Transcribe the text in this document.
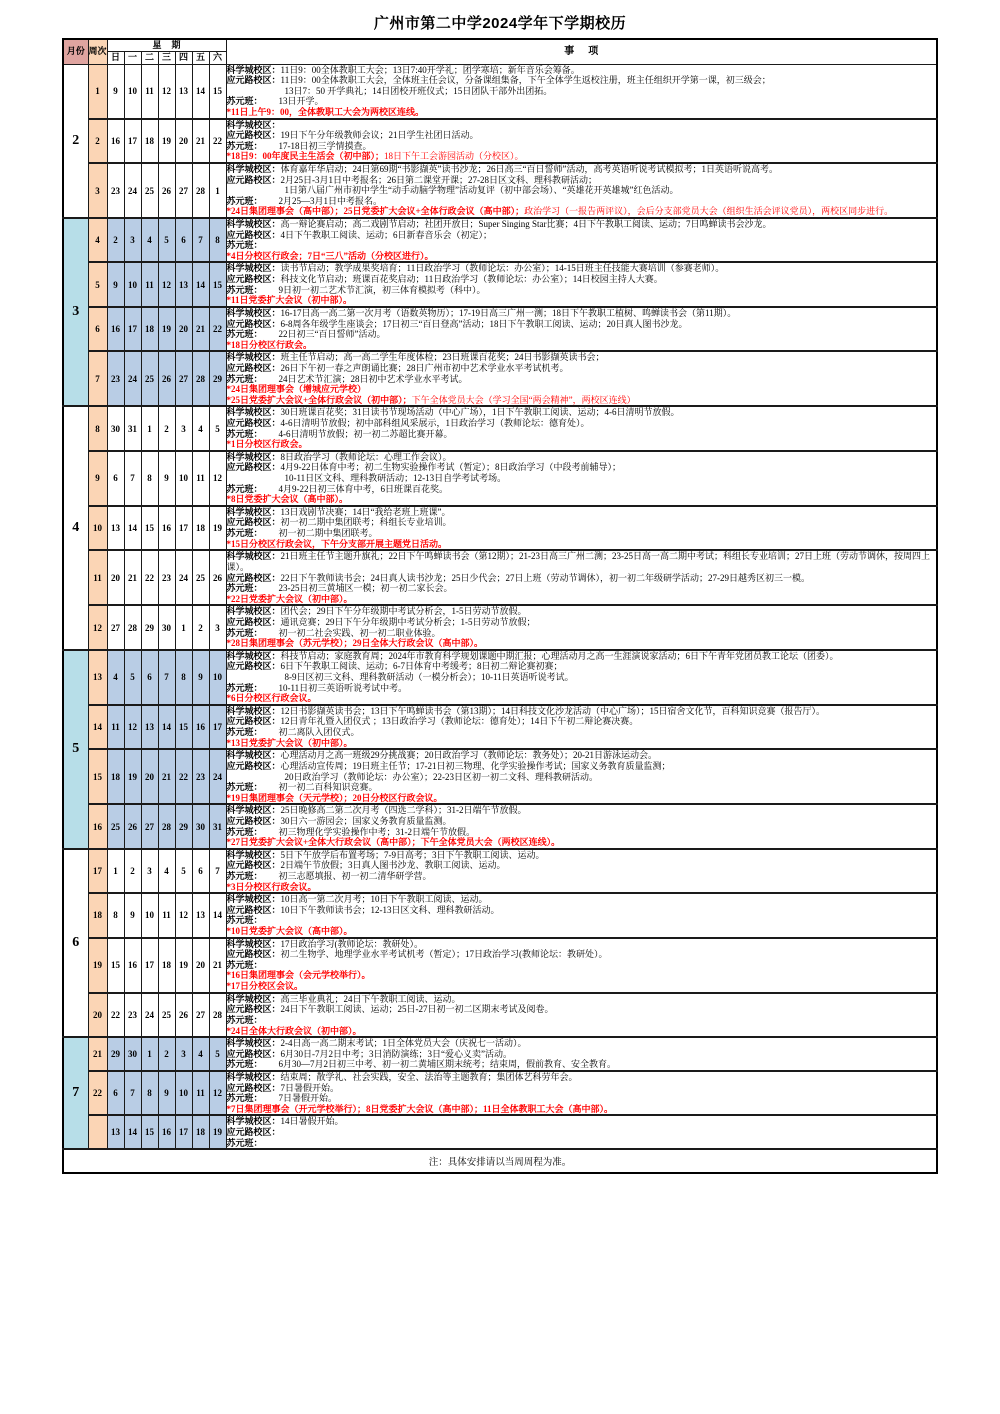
广州市第二中学2024学年下学期校历
月份	周次	星期							事项
		日	一	二	三	四	五	六	
2	1	9	10	11	12	13	14	15	科学城校区：11日9：00全体教职工大会；13日7:40开学礼；团学寒培；新年音乐会筹备。
应元路校区：11日9：00全体教职工大会，全体班主任会议，分备课组集备，下午全体学生返校注册，班主任组织开学第一课，初三级会；
13日7：50 开学典礼；14日团校开班仪式；15日团队干部外出团拓。
苏元班： 13日开学。
*11日上午9：00，全体教职工大会为两校区连线。

	2	16	17	18	19	20	21	22	科学城校区：
应元路校区：19日下午分年级教师会议；21日学生社团日活动。
苏元班： 17-18日初三学情摸查。
*18日9：00年度民主生活会（初中部）；18日下午工会游园活动（分校区）。

	3	23	24	25	26	27	28	1	科学城校区：体育嘉年华启动；24日第69期“书影撷英”读书沙龙；26日高三“百日誓师”活动，高考英语听说考试模拟考；1日英语听说高考。
应元路校区：2月25日-3月1日中考报名；26日第二课堂开课；27-28日区文科、理科教研活动；
1日第八届广州市初中学生“动手动脑学物理”活动复评（初中部会场）、“英雄花开英雄城”红色活动。
苏元班： 2月25—3月1日中考报名。
*24日集团理事会（高中部）；25日党委扩大会议+全体行政会议（高中部）；政治学习（一报告两评议），会后分支部党员大会（组织生活会评议党员），两校区同步进行。

3	4	2	3	4	5	6	7	8	科学城校区：高一辩论赛启动；高二戏剧节启动；社团开放日；Super Singing Star比赛；4日下午教职工阅读、运动；7日鸣蝉读书会沙龙。
应元路校区：4日下午教职工阅读、运动；6日新春音乐会（初定）；
苏元班：
*4日分校区行政会；7日“三八”活动（分校区进行）。

	5	9	10	11	12	13	14	15	科学城校区：读书节启动；教学成果奖培育；11日政治学习（教师论坛：办公室）；14-15日班主任技能大赛培训（参赛老师）。
应元路校区：科技文化节启动；班课百花奖启动；11日政治学习（教师论坛：办公室）；14日校园主持人大赛。
苏元班： 9日初一初二艺术节汇演，初三体育模拟考（科中）。
*11日党委扩大会议（初中部）。

	6	16	17	18	19	20	21	22	科学城校区：16-17日高一高二第一次月考（语数英物历）；17-19日高三广州一测；18日下午教职工植树、鸣蝉读书会（第11期）。
应元路校区：6-8周各年级学生座谈会；17日初三“百日登高”活动；18日下午教职工阅读、运动；20日真人图书沙龙。
苏元班： 22日初三“百日誓师”活动。
*18日分校区行政会。

	7	23	24	25	26	27	28	29	科学城校区：班主任节启动；高一高二学生年度体检；23日班课百花奖；24日书影撷英读书会；
应元路校区：26日下午初一春之声朗诵比赛；28日广州市初中艺术学业水平考试机考。
苏元班： 24日艺术节汇演；28日初中艺术学业水平考试。
*24日集团理事会（增城应元学校）
*25日党委扩大会议+全体行政会议（初中部）；下午全体党员大会（学习全国“两会精神”，两校区连线）

4	8	30	31	1	2	3	4	5	科学城校区：30日班课百花奖；31日读书节现场活动（中心广场），1日下午教职工阅读、运动；4-6日清明节放假。
应元路校区：4-6日清明节放假；初中部科组风采展示，1日政治学习（教师论坛：德育处）。
苏元班： 4-6日清明节放假；初一初二苏超比赛开幕。
*1日分校区行政会。

	9	6	7	8	9	10	11	12	科学城校区：8日政治学习（教师论坛：心理工作会议）。
应元路校区：4月9-22日体育中考；初二生物实验操作考试（暂定）；8日政治学习（中段考前辅导）；
10-11日区文科、理科教研活动；12-13日自学考试考场。
苏元班： 4月9-22日初三体育中考，6日班课百花奖。
*8日党委扩大会议（高中部）。

	10	13	14	15	16	17	18	19	科学城校区：13日戏剧节决赛；14日“我给老班上班课”。
应元路校区：初一初二期中集团联考；科组长专业培训。
苏元班： 初一初二期中集团联考。
*15日分校区行政会议，下午分支部开展主题党日活动。

	11	20	21	22	23	24	25	26	科学城校区：21日班主任节主题升旗礼；22日下午鸣蝉读书会（第12期）；21-23日高三广州二测；23-25日高一高二期中考试；科组长专业培训；27日上班（劳动节调休，按周四上课）。
应元路校区：22日下午教师读书会；24日真人读书沙龙；25日少代会；27日上班（劳动节调休），初一初二年级研学活动；27-29日越秀区初三一模。
苏元班： 23-25日初三黄埔区一模；初一初二家长会。
*22日党委扩大会议（初中部）。

	12	27	28	29	30	1	2	3	科学城校区：团代会；29日下午分年级期中考试分析会，1-5日劳动节放假。
应元路校区：通讯竞赛；29日下午分年级期中考试分析会；1-5日劳动节放假；
苏元班： 初一初二社会实践、初一初二职业体验。
*28日集团理事会（苏元学校）；29日全体大行政会议（高中部）。

5	13	4	5	6	7	8	9	10	科学城校区：科技节启动；家庭教育周；2024年市教育科学规划课题中期汇报；心理活动月之高一生涯演说家活动；6日下午青年党团员教工论坛（团委）。
应元路校区：6日下午教职工阅读、运动；6-7日体育中考缓考；8日初二辩论赛初赛；
8-9日区初三文科、理科教研活动（一模分析会）；10-11日英语听说考试。
苏元班： 10-11日初三英语听说考试中考。
*6日分校区行政会议。

	14	11	12	13	14	15	16	17	科学城校区：12日书影撷英读书会；13日下午鸣蝉读书会（第13期）；14日科技文化沙龙活动（中心广场）；15日宿舍文化节，百科知识竞赛（报告厅）。
应元路校区：12日青年礼暨入团仪式 ；13日政治学习（教师论坛：德育处）；14日下午初二辩论赛决赛。
苏元班： 初二离队入团仪式。
*13日党委扩大会议（初中部）。

	15	18	19	20	21	22	23	24	科学城校区：心理活动月之高一班级29分挑战赛；20日政治学习（教师论坛：教务处）；20-21日游泳运动会。
应元路校区：心理活动宣传周；19日班主任节；17-21日初三物理、化学实验操作考试；国家义务教育质量监测；
20日政治学习（教师论坛：办公室）；22-23日区初一初二文科、理科教研活动。
苏元班： 初一初二百科知识竞赛。
*19日集团理事会（天元学校）；20日分校区行政会议。

	16	25	26	27	28	29	30	31	科学城校区：25日晚修高二第二次月考（四选二学科）；31-2日端午节放假。
应元路校区：30日六一游园会；国家义务教育质量监测。
苏元班： 初三物理化学实验操作中考；31-2日端午节放假。
*27日党委扩大会议+全体大行政会议（高中部）；下午全体党员大会（两校区连线）。

6	17	1	2	3	4	5	6	7	科学城校区：5日下午放学后布置考场；7-9日高考；3日下午教职工阅读、运动。
应元路校区：2日端午节放假；3日真人图书沙龙、教职工阅读、运动。
苏元班： 初三志愿填报、初一初二清华研学营。
*3日分校区行政会议。

	18	8	9	10	11	12	13	14	科学城校区：10日高一第二次月考；10日下午教职工阅读、运动。
应元路校区：10日下午教师读书会；12-13日区文科、理科教研活动。
苏元班：
*10日党委扩大会议（高中部）。

	19	15	16	17	18	19	20	21	科学城校区：17日政治学习(教师论坛：教研处）。
应元路校区：初二生物学、地理学业水平考试机考（暂定）；17日政治学习(教师论坛：教研处）。
苏元班：
*16日集团理事会（会元学校举行）。
*17日分校区会议。

	20	22	23	24	25	26	27	28	科学城校区：高三毕业典礼；24日下午教职工阅读、运动。
应元路校区：24日下午教职工阅读、运动；25日-27日初一初二区期末考试及阅卷。
苏元班：
*24日全体大行政会议（初中部）。

7	21	29	30	1	2	3	4	5	科学城校区：2-4日高一高二期末考试；1日全体党员大会（庆祝七一活动）。
应元路校区：6月30日-7月2日中考；3日消防演练；3日“爱心义卖”活动。
苏元班： 6月30—7月2日初三中考、初一初二黄埔区期末统考；结束周，假前教育、安全教育。

	22	6	7	8	9	10	11	12	科学城校区：结束周；散学礼、社会实践，安全、法治等主题教育；集团体艺科劳年会。
应元路校区：7日暑假开始。
苏元班： 7日暑假开始。
*7日集团理事会（开元学校举行）；8日党委扩大会议（高中部）；11日全体教职工大会（高中部）。

		13	14	15	16	17	18	19	科学城校区：14日暑假开始。
应元路校区：
苏元班：

注：具体安排请以当周周程为准。									
